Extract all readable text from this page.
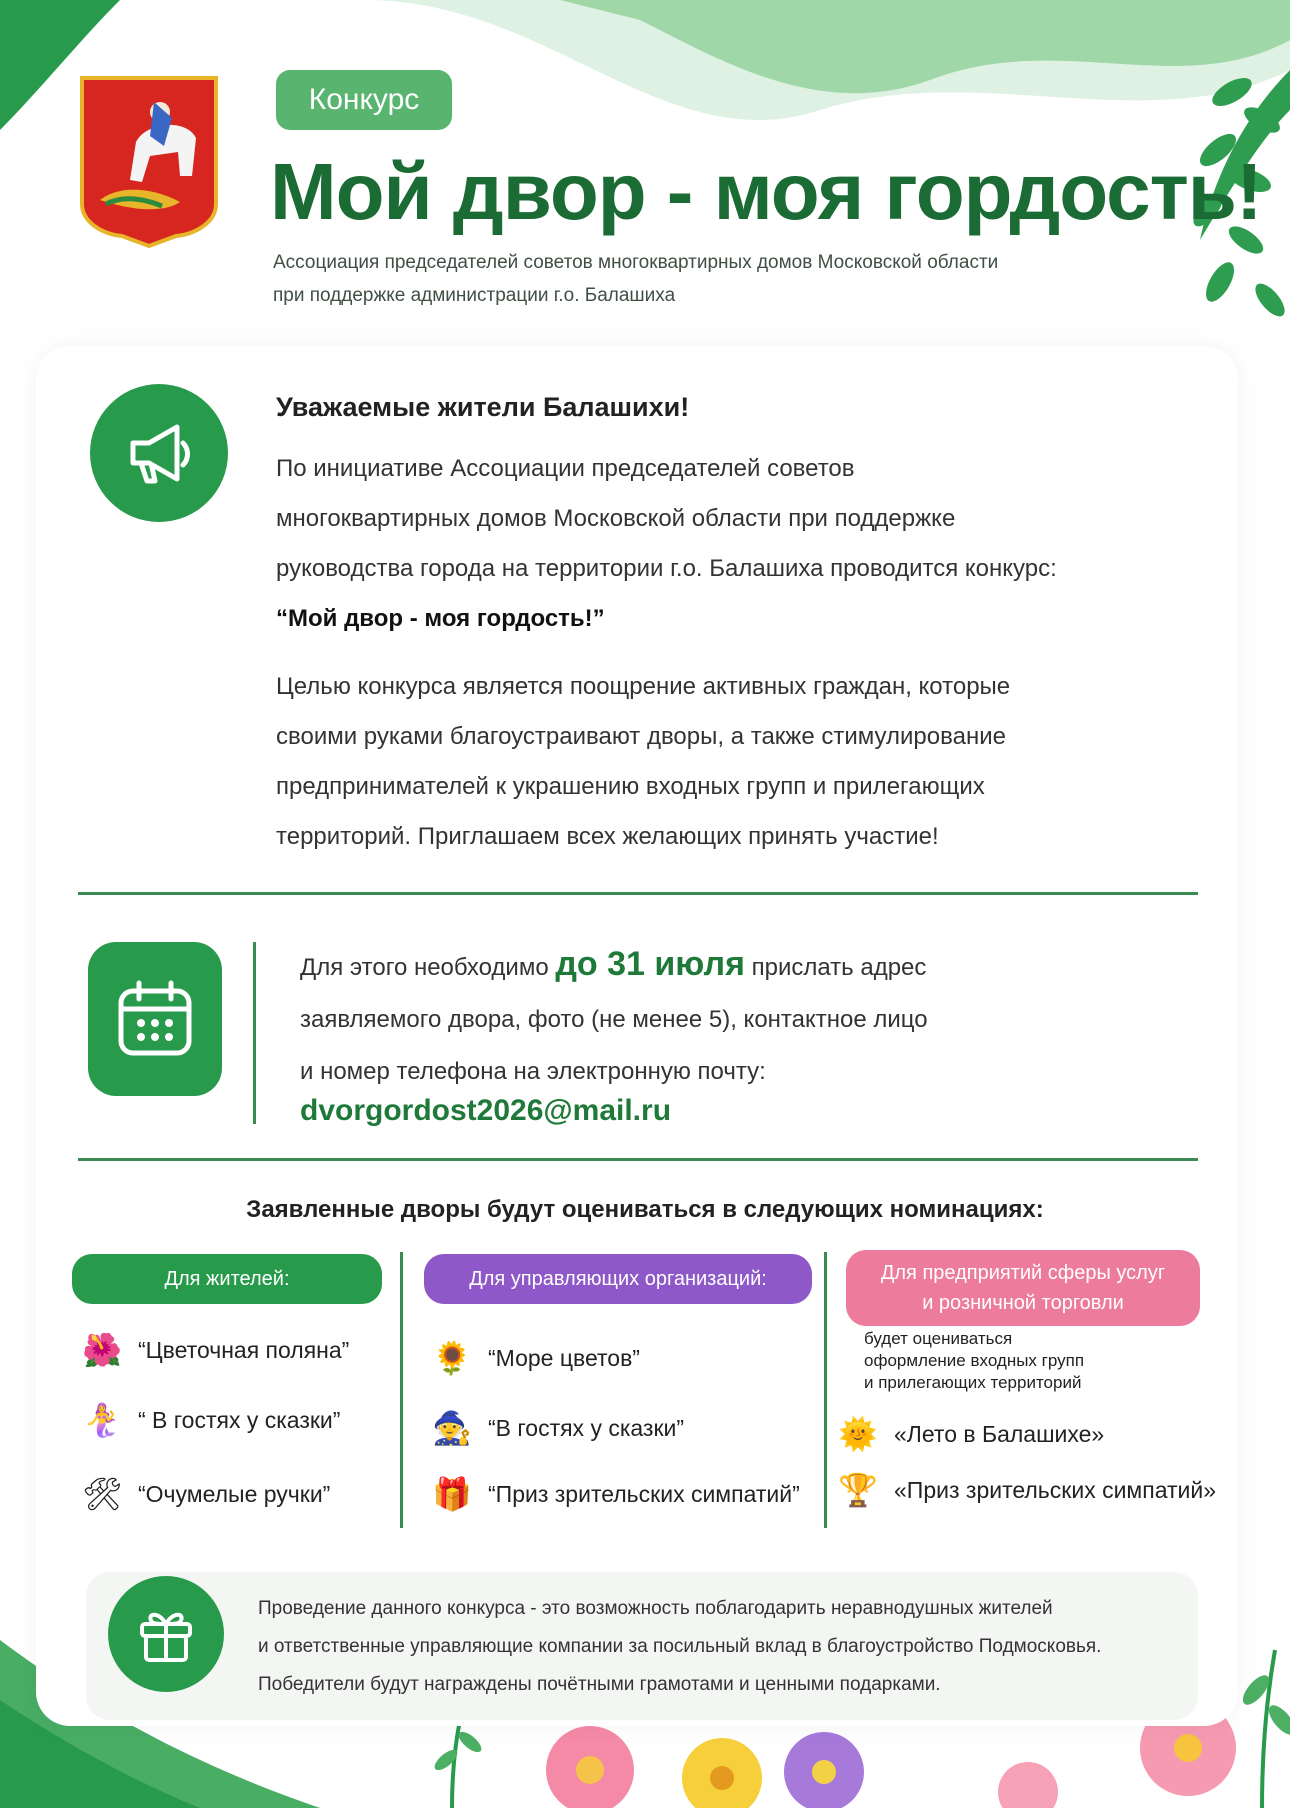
Конкурс
Мой двор - моя гордость!
Ассоциация председателей советов многоквартирных домов Московской области
при поддержке администрации г.о. Балашиха
Уважаемые жители Балашихи!
По инициативе Ассоциации председателей советов
многоквартирных домов Московской области при поддержке
руководства города на территории г.о. Балашиха проводится конкурс:
“Мой двор - моя гордость!”
Целью конкурса является поощрение активных граждан, которые
своими руками благоустраивают дворы, а также стимулирование
предпринимателей к украшению входных групп и прилегающих
территорий. Приглашаем всех желающих принять участие!
Для этого необходимо до 31 июля прислать адрес
заявляемого двора, фото (не менее 5), контактное лицо
и номер телефона на электронную почту:
dvorgordost2026@mail.ru
Заявленные дворы будут оцениваться в следующих номинациях:
Для жителей:
🌺 “Цветочная поляна”
🧜‍♀️ “ В гостях у сказки”
🛠 “Очумелые ручки”
Для управляющих организаций:
🌻 “Море цветов”
🧙 “В гостях у сказки”
🎁 “Приз зрительских симпатий”
Для предприятий сферы услуг
и розничной торговли
будет оцениваться
оформление входных групп
и прилегающих территорий
🌞 «Лето в Балашихе»
🏆 «Приз зрительских симпатий»
Проведение данного конкурса - это возможность поблагодарить неравнодушных жителей
и ответственные управляющие компании за посильный вклад в благоустройство Подмосковья.
Победители будут награждены почётными грамотами и ценными подарками.
